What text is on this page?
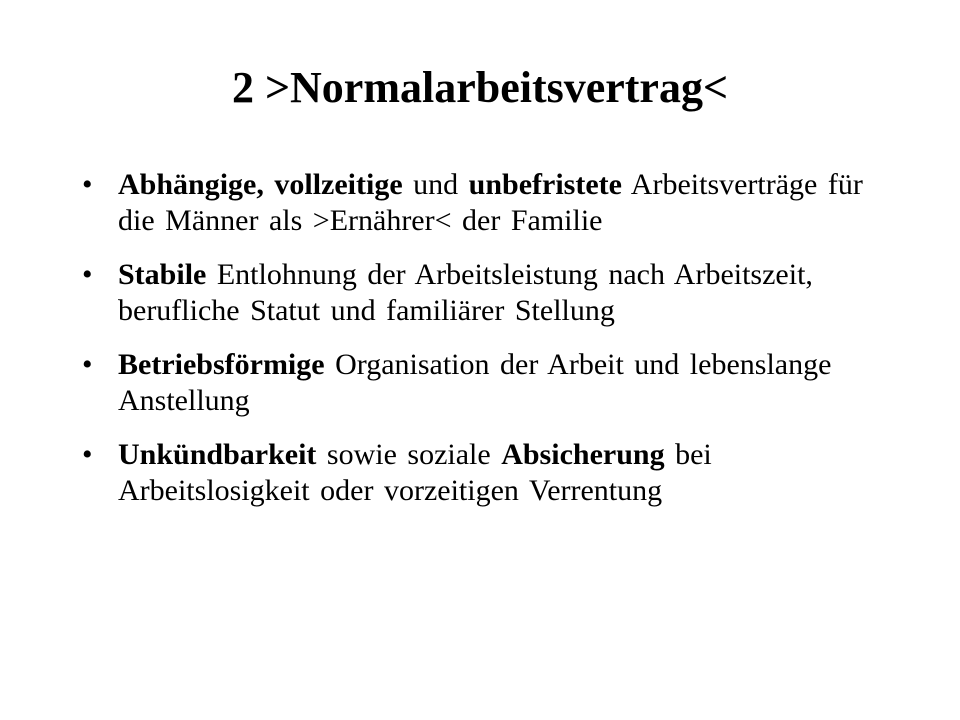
2 >Normalarbeitsvertrag<
• Abhängige, vollzeitige und unbefristete Arbeitsverträge für die Männer als >Ernährer< der Familie
• Stabile Entlohnung der Arbeitsleistung nach Arbeitszeit, berufliche Statut und familiärer Stellung
• Betriebsförmige Organisation der Arbeit und lebenslange Anstellung
• Unkündbarkeit sowie soziale Absicherung bei Arbeitslosigkeit oder vorzeitigen Verrentung
